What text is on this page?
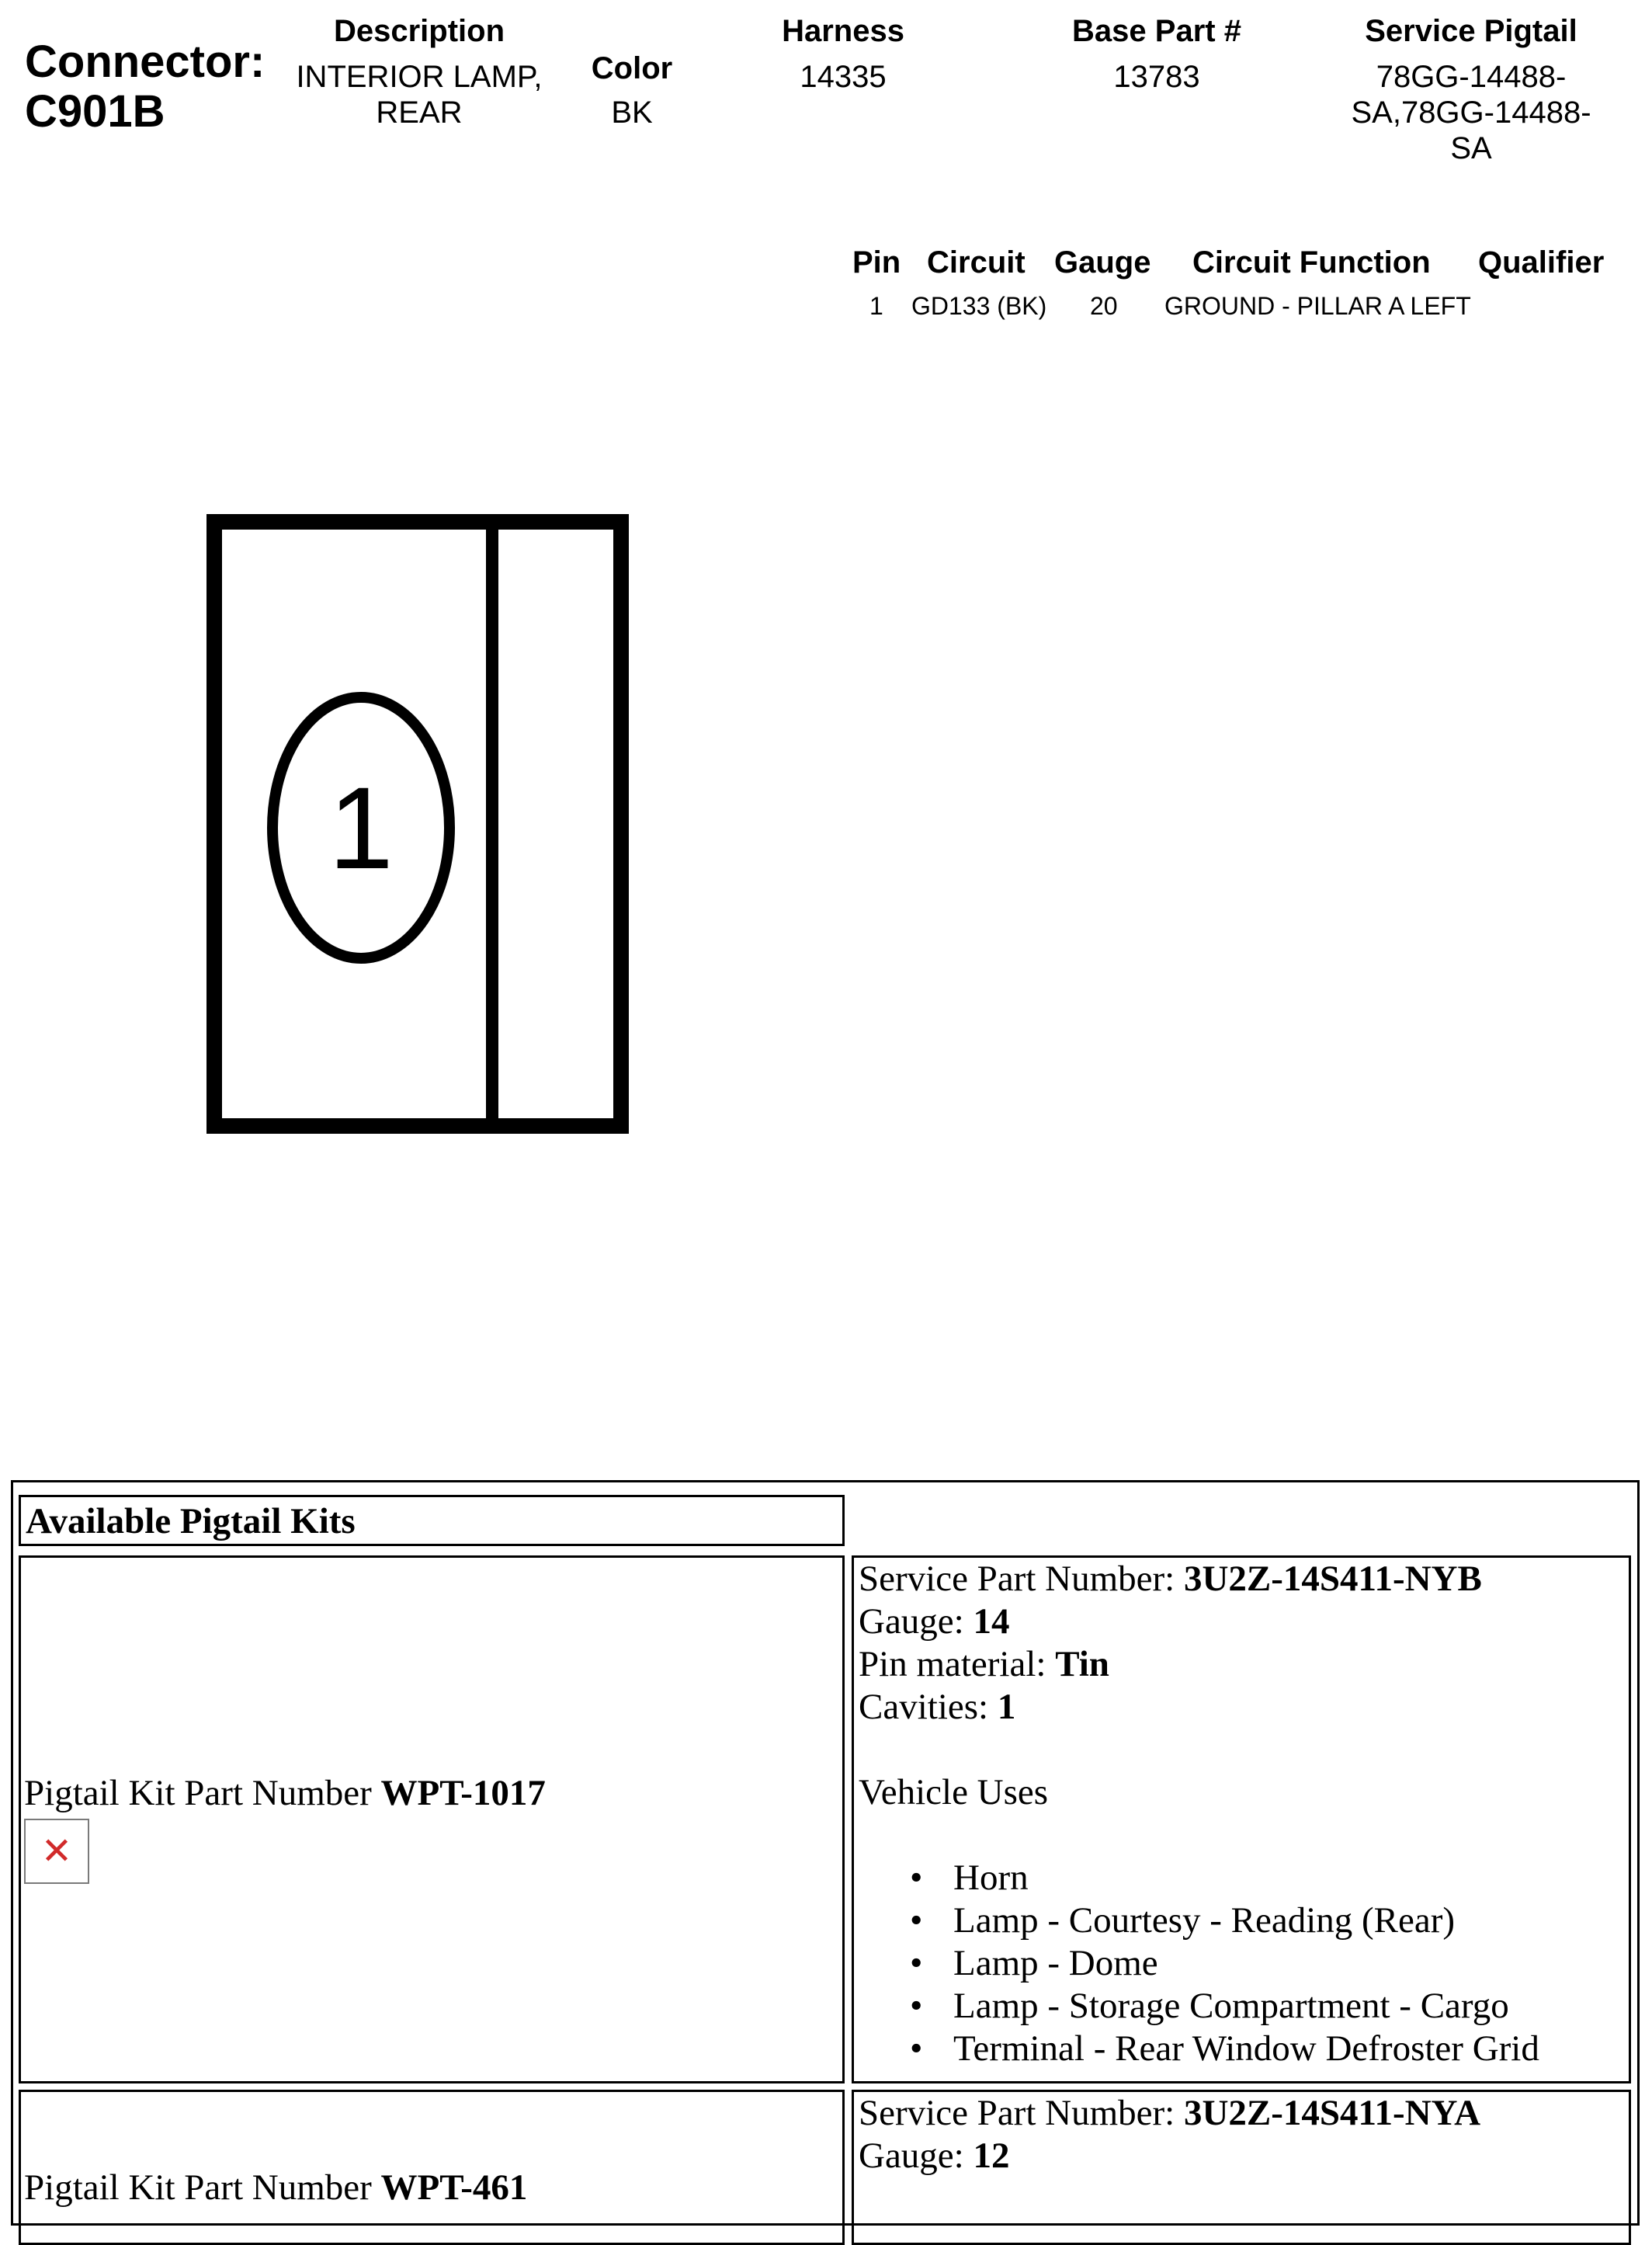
Connector:
C901B
Description
INTERIOR LAMP,
REAR
Color
BK
Harness
14335
Base Part #
13783
Service Pigtail
78GG-14488-
SA,78GG-14488-
SA
Pin Circuit Gauge Circuit Function Qualifier
1 GD133 (BK) 20 GROUND - PILLAR A LEFT
1
Available Pigtail Kits
Pigtail Kit Part Number WPT-1017
✕
Service Part Number: 3U2Z-14S411-NYB
Gauge: 14
Pin material: Tin
Cavities: 1
Vehicle Uses
• Horn
• Lamp - Courtesy - Reading (Rear)
• Lamp - Dome
• Lamp - Storage Compartment - Cargo
• Terminal - Rear Window Defroster Grid
Pigtail Kit Part Number WPT-461
Service Part Number: 3U2Z-14S411-NYA
Gauge: 12
